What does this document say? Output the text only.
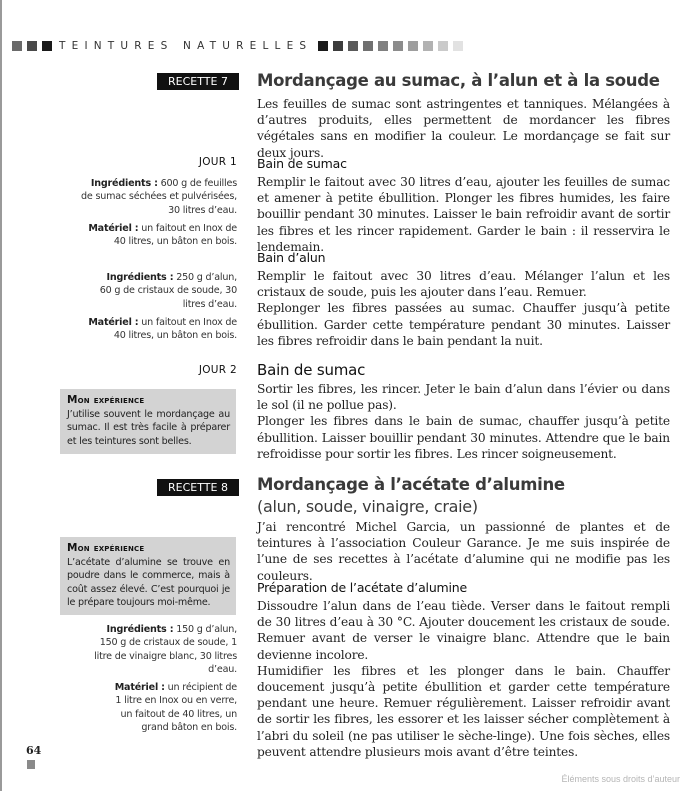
TEINTURES NATURELLES
RECETTE 7	Mordançage au sumac, à l’alun et à la soude

Les feuilles de sumac sont astringentes et tanniques. Mélangées à d’autres produits, elles permettent de mordancer les fibres végétales sans en modifier la couleur. Le mordançage se fait sur deux jours.

JOUR 1 Bain de sumac

Remplir le faitout avec 30 litres d’eau, ajouter les feuilles de sumac et amener à petite ébullition. Plonger les fibres humides, les faire bouillir pendant 30 minutes. Laisser le bain refroidir avant de sortir les fibres et les rincer rapidement. Garder le bain : il resservira le lendemain.

Ingrédients : 600 g de feuilles de sumac séchées et pulvérisées, 30 litres d’eau.

Matériel : un faitout en Inox de 40 litres, un bâton en bois.

Bain d’alun

Remplir le faitout avec 30 litres d’eau. Mélanger l’alun et les cristaux de soude, puis les ajouter dans l’eau. Remuer.

Replonger les fibres passées au sumac. Chauffer jusqu’à petite ébullition. Garder cette température pendant 30 minutes. Laisser les fibres refroidir dans le bain pendant la nuit.

Ingrédients : 250 g d’alun, 60 g de cristaux de soude, 30 litres d’eau.

Matériel : un faitout en Inox de 40 litres, un bâton en bois.

JOUR 2 Bain de sumac

Sortir les fibres, les rincer. Jeter le bain d’alun dans l’évier ou dans le sol (il ne pollue pas).

Plonger les fibres dans le bain de sumac, chauffer jusqu’à petite ébullition. Laisser bouillir pendant 30 minutes. Attendre que le bain refroidisse pour sortir les fibres. Les rincer soigneusement.

Mon expérience
J’utilise souvent le mordançage au sumac. Il est très facile à préparer et les teintures sont belles.
RECETTE 8	Mordançage à l’acétate d’alumine
(alun, soude, vinaigre, craie)

J’ai rencontré Michel Garcia, un passionné de plantes et de teintures à l’association Couleur Garance. Je me suis inspirée de l’une de ses recettes à l’acétate d’alumine qui ne modifie pas les couleurs.

Mon expérience
L’acétate d’alumine se trouve en poudre dans le commerce, mais à coût assez élevé. C’est pourquoi je le prépare toujours moi-même.

Ingrédients : 150 g d’alun, 150 g de cristaux de soude, 1 litre de vinaigre blanc, 30 litres d’eau.

Matériel : un récipient de 1 litre en Inox ou en verre, un faitout de 40 litres, un grand bâton en bois.

Préparation de l’acétate d’alumine

Dissoudre l’alun dans de l’eau tiède. Verser dans le faitout rempli de 30 litres d’eau à 30 °C. Ajouter doucement les cristaux de soude. Remuer avant de verser le vinaigre blanc. Attendre que le bain devienne incolore.

Humidifier les fibres et les plonger dans le bain. Chauffer doucement jusqu’à petite ébullition et garder cette température pendant une heure. Remuer régulièrement. Laisser refroidir avant de sortir les fibres, les essorer et les laisser sécher complètement à l’abri du soleil (ne pas utiliser le sèche-linge). Une fois sèches, elles peuvent attendre plusieurs mois avant d’être teintes.

64
Éléments sous droits d’auteur
